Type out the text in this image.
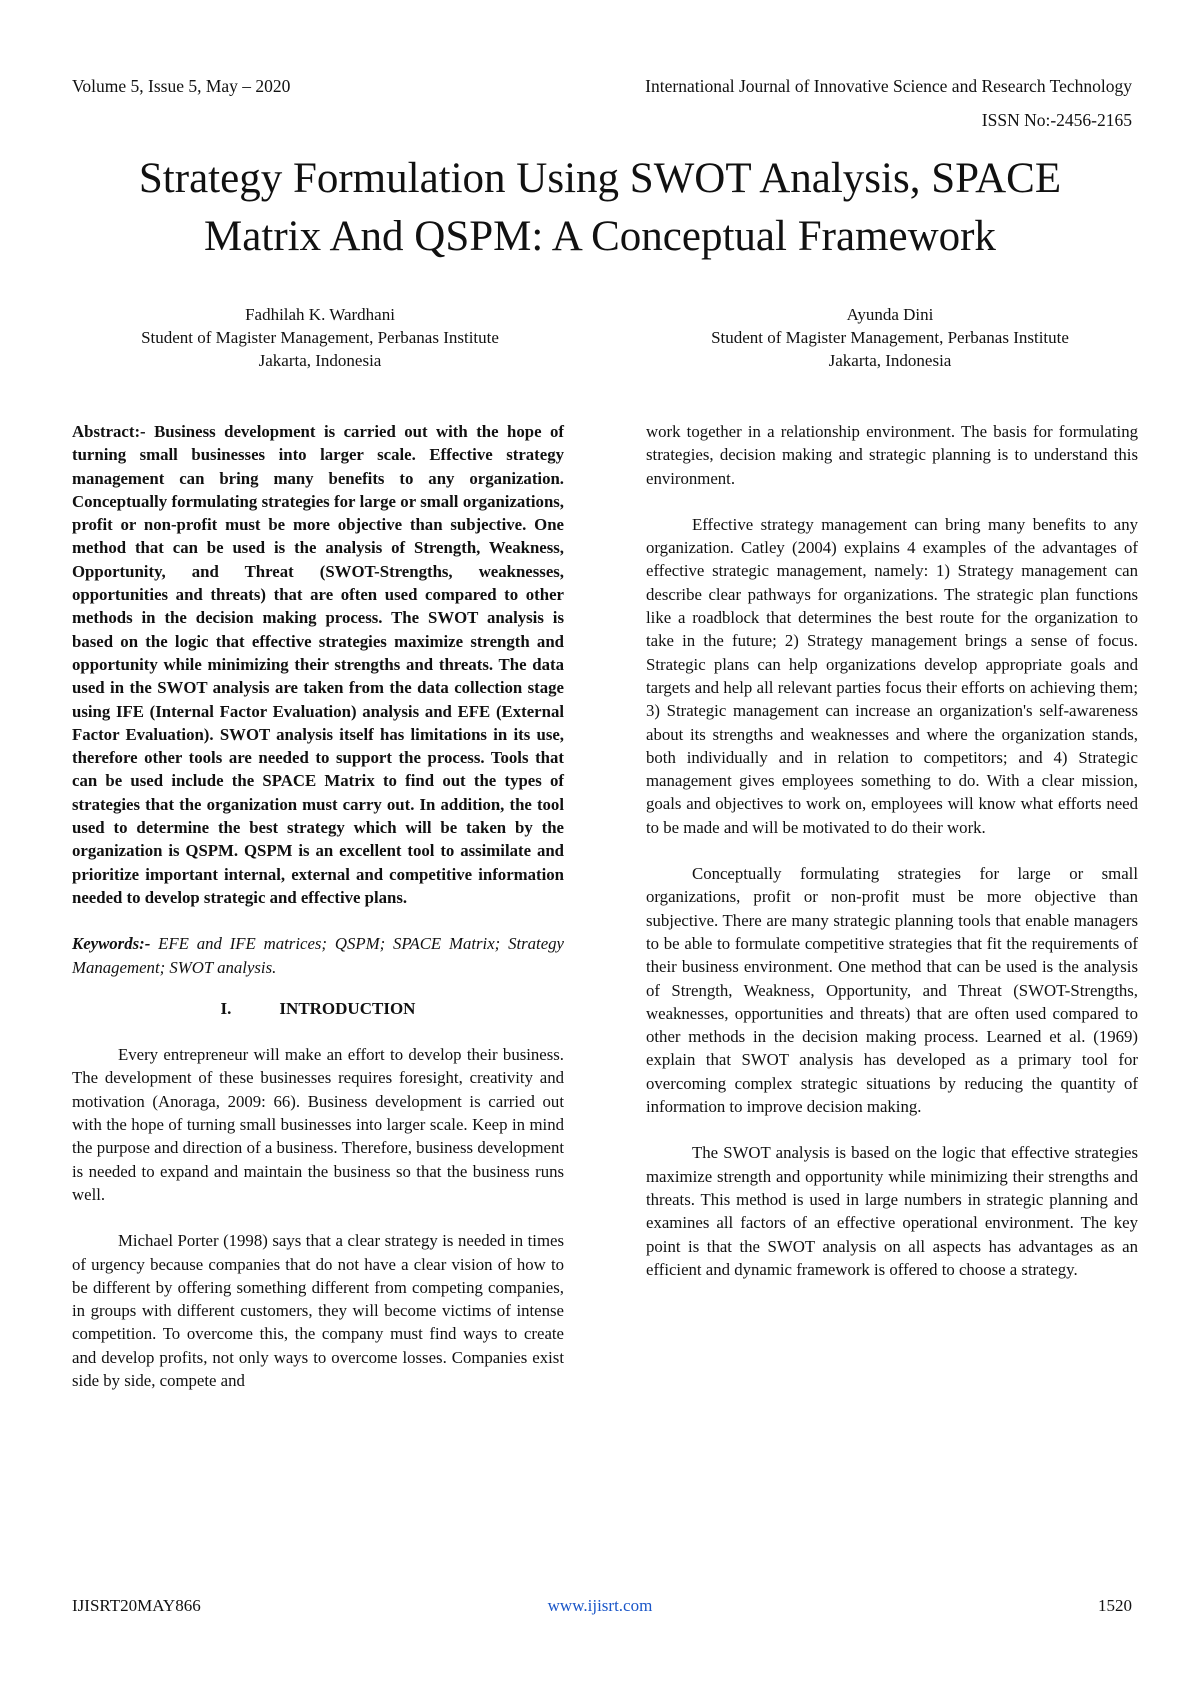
Volume 5, Issue 5, May – 2020	International Journal of Innovative Science and Research Technology
ISSN No:-2456-2165
Strategy Formulation Using SWOT Analysis, SPACE
Matrix And QSPM: A Conceptual Framework
Fadhilah K. Wardhani
Student of Magister Management, Perbanas Institute
Jakarta, Indonesia
Ayunda Dini
Student of Magister Management, Perbanas Institute
Jakarta, Indonesia

Abstract:- Business development is carried out with the hope of turning small businesses into larger scale. Effective strategy management can bring many benefits to any organization. Conceptually formulating strategies for large or small organizations, profit or non-profit must be more objective than subjective. One method that can be used is the analysis of Strength, Weakness, Opportunity, and Threat (SWOT-Strengths, weaknesses, opportunities and threats) that are often used compared to other methods in the decision making process. The SWOT analysis is based on the logic that effective strategies maximize strength and opportunity while minimizing their strengths and threats. The data used in the SWOT analysis are taken from the data collection stage using IFE (Internal Factor Evaluation) analysis and EFE (External Factor Evaluation). SWOT analysis itself has limitations in its use, therefore other tools are needed to support the process. Tools that can be used include the SPACE Matrix to find out the types of strategies that the organization must carry out. In addition, the tool used to determine the best strategy which will be taken by the organization is QSPM. QSPM is an excellent tool to assimilate and prioritize important internal, external and competitive information needed to develop strategic and effective plans.

Keywords:- EFE and IFE matrices; QSPM; SPACE Matrix; Strategy Management; SWOT analysis.

I.	INTRODUCTION

Every entrepreneur will make an effort to develop their business. The development of these businesses requires foresight, creativity and motivation (Anoraga, 2009: 66). Business development is carried out with the hope of turning small businesses into larger scale. Keep in mind the purpose and direction of a business. Therefore, business development is needed to expand and maintain the business so that the business runs well.

Michael Porter (1998) says that a clear strategy is needed in times of urgency because companies that do not have a clear vision of how to be different by offering something different from competing companies, in groups with different customers, they will become victims of intense competition. To overcome this, the company must find ways to create and develop profits, not only ways to overcome losses. Companies exist side by side, compete and

work together in a relationship environment. The basis for formulating strategies, decision making and strategic planning is to understand this environment.

Effective strategy management can bring many benefits to any organization. Catley (2004) explains 4 examples of the advantages of effective strategic management, namely: 1) Strategy management can describe clear pathways for organizations. The strategic plan functions like a roadblock that determines the best route for the organization to take in the future; 2) Strategy management brings a sense of focus. Strategic plans can help organizations develop appropriate goals and targets and help all relevant parties focus their efforts on achieving them; 3) Strategic management can increase an organization's self-awareness about its strengths and weaknesses and where the organization stands, both individually and in relation to competitors; and 4) Strategic management gives employees something to do. With a clear mission, goals and objectives to work on, employees will know what efforts need to be made and will be motivated to do their work.

Conceptually formulating strategies for large or small organizations, profit or non-profit must be more objective than subjective. There are many strategic planning tools that enable managers to be able to formulate competitive strategies that fit the requirements of their business environment. One method that can be used is the analysis of Strength, Weakness, Opportunity, and Threat (SWOT-Strengths, weaknesses, opportunities and threats) that are often used compared to other methods in the decision making process. Learned et al. (1969) explain that SWOT analysis has developed as a primary tool for overcoming complex strategic situations by reducing the quantity of information to improve decision making.

The SWOT analysis is based on the logic that effective strategies maximize strength and opportunity while minimizing their strengths and threats. This method is used in large numbers in strategic planning and examines all factors of an effective operational environment. The key point is that the SWOT analysis on all aspects has advantages as an efficient and dynamic framework is offered to choose a strategy.

IJISRT20MAY866	www.ijisrt.com	1520
